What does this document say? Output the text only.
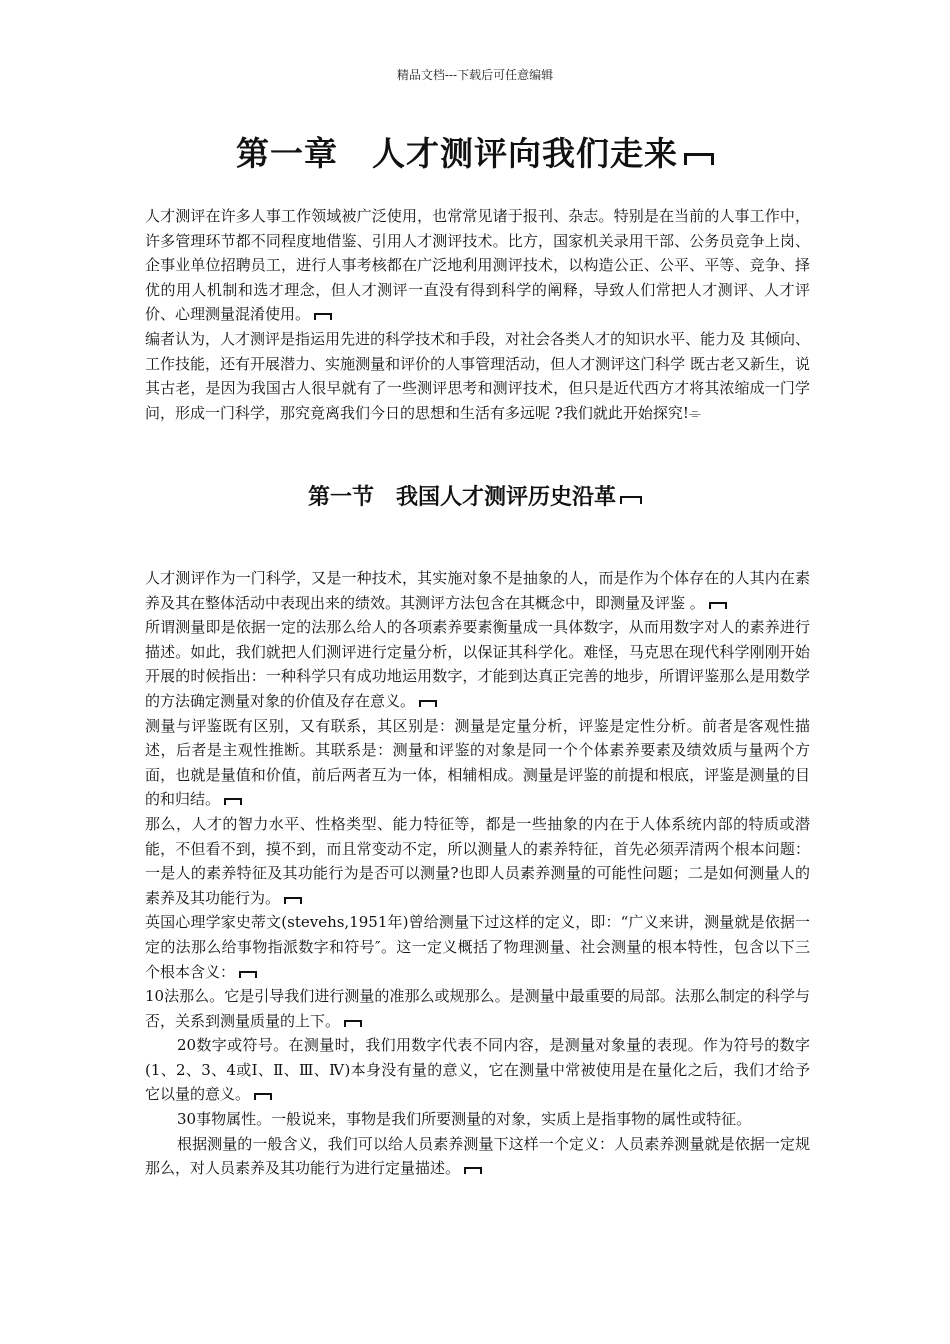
精品文档---下载后可任意编辑
第一章　人才测评向我们走来

人才测评在许多人事工作领域被广泛使用，也常常见诸于报刊、杂志。特别是在当前的人事工作中，许多管理环节都不同程度地借鉴、引用人才测评技术。比方，国家机关录用干部、公务员竞争上岗、企事业单位招聘员工，进行人事考核都在广泛地利用测评技术，以构造公正、公平、平等、竞争、择优的用人机制和选才理念，但人才测评一直没有得到科学的阐释，导致人们常把人才测评、人才评价、心理测量混淆使用。

编者认为，人才测评是指运用先进的科学技术和手段，对社会各类人才的知识水平、能力及 其倾向、工作技能，还有开展潜力、实施测量和评价的人事管理活动，但人才测评这门科学 既古老又新生，说其古老，是因为我国古人很早就有了一些测评思考和测评技术，但只是近代西方才将其浓缩成一门学问，形成一门科学，那究竟离我们今日的思想和生活有多远呢 ?我们就此开始探究!⌯

第一节　我国人才测评历史沿革

人才测评作为一门科学，又是一种技术，其实施对象不是抽象的人，而是作为个体存在的人其内在素养及其在整体活动中表现出来的绩效。其测评方法包含在其概念中，即测量及评鉴 。

所谓测量即是依据一定的法那么给人的各项素养要素衡量成一具体数字，从而用数字对人的素养进行描述。如此，我们就把人们测评进行定量分析，以保证其科学化。难怪，马克思在现代科学刚刚开始开展的时候指出：一种科学只有成功地运用数字，才能到达真正完善的地步，所谓评鉴那么是用数学的方法确定测量对象的价值及存在意义。

测量与评鉴既有区别，又有联系，其区别是：测量是定量分析，评鉴是定性分析。前者是客观性描述，后者是主观性推断。其联系是：测量和评鉴的对象是同一个个体素养要素及绩效质与量两个方面，也就是量值和价值，前后两者互为一体，相辅相成。测量是评鉴的前提和根底，评鉴是测量的目的和归结。

那么，人才的智力水平、性格类型、能力特征等，都是一些抽象的内在于人体系统内部的特质或潜能，不但看不到，摸不到，而且常变动不定，所以测量人的素养特征，首先必须弄清两个根本问题：一是人的素养特征及其功能行为是否可以测量?也即人员素养测量的可能性问题；二是如何测量人的素养及其功能行为。

英国心理学家史蒂文(stevehs,1951年)曾给测量下过这样的定义，即：“广义来讲，测量就是依据一定的法那么给事物指派数字和符号″。这一定义概括了物理测量、社会测量的根本特性，包含以下三个根本含义：

10法那么。它是引导我们进行测量的准那么或规那么。是测量中最重要的局部。法那么制定的科学与否，关系到测量质量的上下。

20数字或符号。在测量时，我们用数字代表不同内容，是测量对象量的表现。作为符号的数字(1、2、3、4或Ⅰ、Ⅱ、Ⅲ、Ⅳ)本身没有量的意义，它在测量中常被使用是在量化之后，我们才给予它以量的意义。

30事物属性。一般说来，事物是我们所要测量的对象，实质上是指事物的属性或特征。

根据测量的一般含义，我们可以给人员素养测量下这样一个定义：人员素养测量就是依据一定规那么，对人员素养及其功能行为进行定量描述。
